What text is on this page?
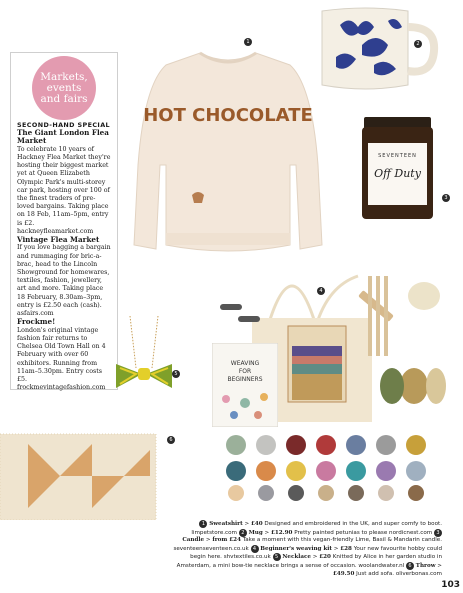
SECOND-HAND SPECIAL
The Giant London Flea Market
To celebrate 10 years of Hackney Flea Market they're hosting their biggest market yet at Queen Elizabeth Olympic Park's multi-storey car park, hosting over 100 of the finest traders of pre-loved bargains. Taking place on 18 Feb, 11am–5pm, entry is £2. hackneyfleamarket.com
Vintage Flea Market
If you love bagging a bargain and rummaging for bric-a-brac, head to the Lincoln Showground for homewares, textiles, fashion, jewellery, art and more. Taking place 18 February, 8.30am–3pm, entry is £2.50 each (cash). asfairs.com
Frockme!
London's original vintage fashion fair returns to Chelsea Old Town Hall on 4 February with over 60 exhibitors. Running from 11am–5.30pm. Entry costs £5. frockmevintagefashion.com
Markets,
events
and fairs
HOT CHOCOLATE
1	2
SEVENTEEN
Off Duty
3
4
WEAVING
FOR
BEGINNERS
5
6
1 Sweatshirt > £40 Designed and embroidered in the UK, and super comfy to boot. limpetstore.com 2 Mug > £12.90 Pretty painted petunias to please nordicnest.com 3 Candle > from £24 Take a moment with this vegan-friendly Lime, Basil & Mandarin candle. seventeenseventeen.co.uk 4 Beginner's weaving kit > £28 Your new favourite hobby could begin here. shvtextiles.co.uk 5 Necklace > £20 Knitted by Alice in her garden studio in Amsterdam, a mini bow-tie necklace brings a sense of occasion. woolandwater.nl 6 Throw > £49.50 Just add sofa. oliverbonas.com
103
